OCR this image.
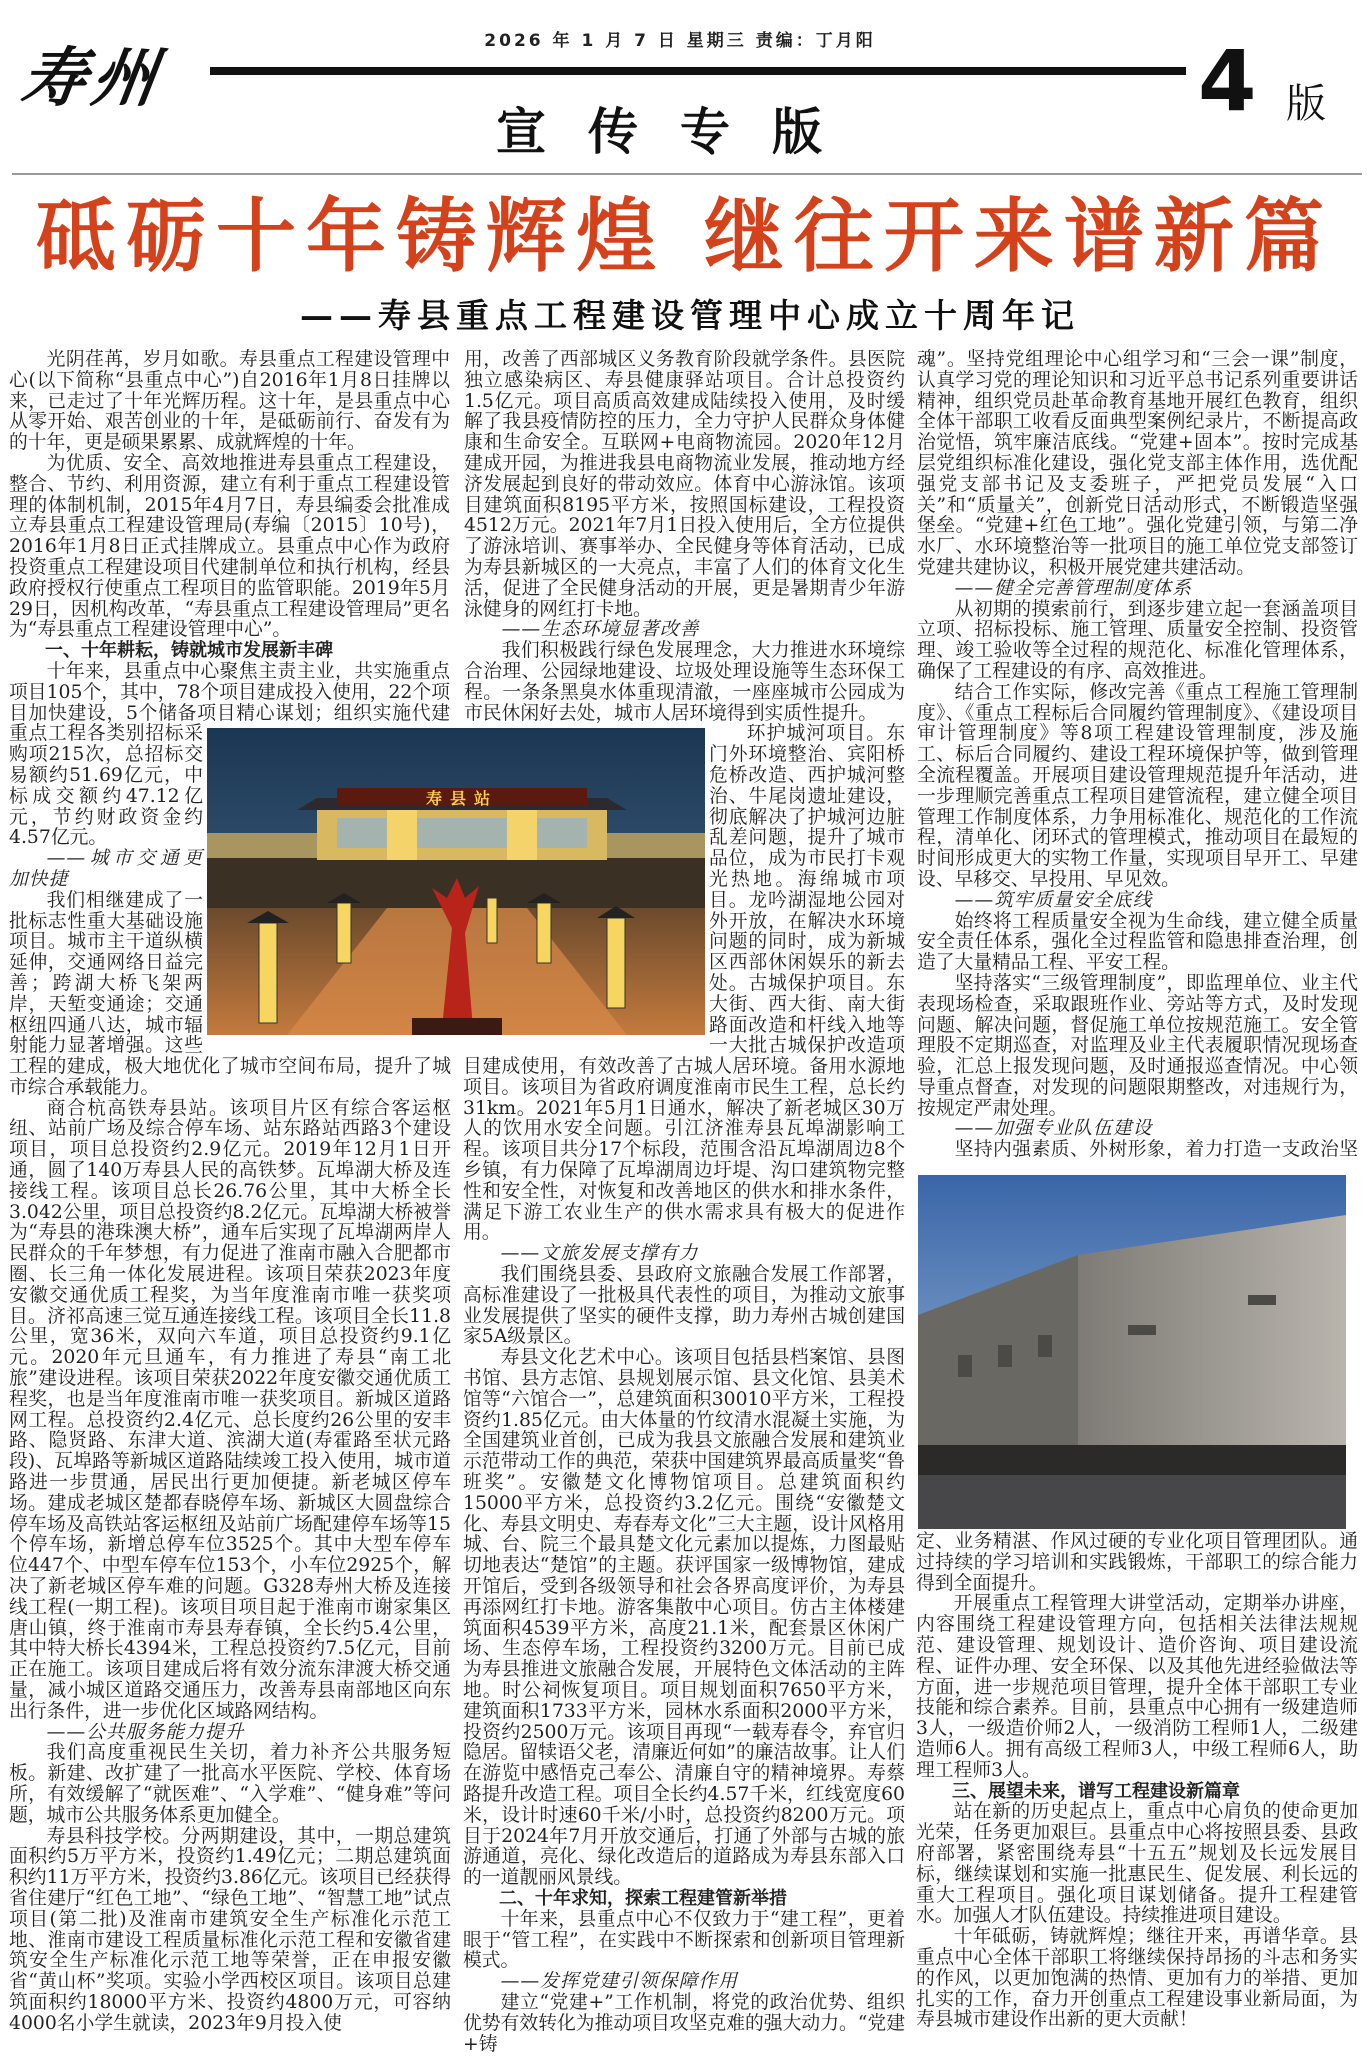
寿州	2026 年 1 月 7 日 星期三 责编：丁月阳
宣传专版
4 版
砥砺十年铸辉煌 继往开来谱新篇
——寿县重点工程建设管理中心成立十周年记

光阴荏苒，岁月如歌。寿县重点工程建设管理中心(以下简称“县重点中心”)自2016年1月8日挂牌以来，已走过了十年光辉历程。这十年，是县重点中心从零开始、艰苦创业的十年，是砥砺前行、奋发有为的十年，更是硕果累累、成就辉煌的十年。

为优质、安全、高效地推进寿县重点工程建设，整合、节约、利用资源，建立有利于重点工程建设管理的体制机制，2015年4月7日，寿县编委会批准成立寿县重点工程建设管理局(寿编〔2015〕10号)，2016年1月8日正式挂牌成立。县重点中心作为政府投资重点工程建设项目代建制单位和执行机构，经县政府授权行使重点工程项目的监管职能。2019年5月29日，因机构改革，“寿县重点工程建设管理局”更名为“寿县重点工程建设管理中心”。

一、十年耕耘，铸就城市发展新丰碑

十年来，县重点中心聚焦主责主业，共实施重点项目105个，其中，78个项目建成投入使用，22个项目加快建设，5个储备项目精心谋划；组织实施代建重点工程各类别招标采购项215次，总招标交易额约51.69亿元，中标成交额约47.12亿元，节约财政资金约4.57亿元。

——城市交通更加快捷

我们相继建成了一批标志性重大基础设施项目。城市主干道纵横延伸，交通网络日益完善；跨湖大桥飞架两岸，天堑变通途；交通枢纽四通八达，城市辐射能力显著增强。这些工程的建成，极大地优化了城市空间布局，提升了城市综合承载能力。

商合杭高铁寿县站。该项目片区有综合客运枢纽、站前广场及综合停车场、站东路站西路3个建设项目，项目总投资约2.9亿元。2019年12月1日开通，圆了140万寿县人民的高铁梦。瓦埠湖大桥及连接线工程。该项目总长26.76公里，其中大桥全长3.042公里，项目总投资约8.2亿元。瓦埠湖大桥被誉为“寿县的港珠澳大桥”，通车后实现了瓦埠湖两岸人民群众的千年梦想，有力促进了淮南市融入合肥都市圈、长三角一体化发展进程。该项目荣获2023年度安徽交通优质工程奖，为当年度淮南市唯一获奖项目。济祁高速三觉互通连接线工程。该项目全长11.8公里，宽36米，双向六车道，项目总投资约9.1亿元。2020年元旦通车，有力推进了寿县“南工北旅”建设进程。该项目荣获2022年度安徽交通优质工程奖，也是当年度淮南市唯一获奖项目。新城区道路网工程。总投资约2.4亿元、总长度约26公里的安丰路、隐贤路、东津大道、滨湖大道(寿霍路至状元路段)、瓦埠路等新城区道路陆续竣工投入使用，城市道路进一步贯通，居民出行更加便捷。新老城区停车场。建成老城区楚都春晓停车场、新城区大圆盘综合停车场及高铁站客运枢纽及站前广场配建停车场等15个停车场，新增总停车位3525个。其中大型车停车位447个、中型车停车位153个，小车位2925个，解决了新老城区停车难的问题。G328寿州大桥及连接线工程(一期工程)。该项目项目起于淮南市谢家集区唐山镇，终于淮南市寿县寿春镇，全长约5.4公里，其中特大桥长4394米，工程总投资约7.5亿元，目前正在施工。该项目建成后将有效分流东津渡大桥交通量，减小城区道路交通压力，改善寿县南部地区向东出行条件，进一步优化区域路网结构。

——公共服务能力提升

我们高度重视民生关切，着力补齐公共服务短板。新建、改扩建了一批高水平医院、学校、体育场所，有效缓解了“就医难”、“入学难”、“健身难”等问题，城市公共服务体系更加健全。

寿县科技学校。分两期建设，其中，一期总建筑面积约5万平方米，投资约1.49亿元；二期总建筑面积约11万平方米，投资约3.86亿元。该项目已经获得省住建厅“红色工地”、“绿色工地”、“智慧工地”试点项目(第二批)及淮南市建筑安全生产标准化示范工地、淮南市建设工程质量标准化示范工程和安徽省建筑安全生产标准化示范工地等荣誉，正在申报安徽省“黄山杯”奖项。实验小学西校区项目。该项目总建筑面积约18000平方米、投资约4800万元，可容纳4000名小学生就读，2023年9月投入使

用，改善了西部城区义务教育阶段就学条件。县医院独立感染病区、寿县健康驿站项目。合计总投资约1.5亿元。项目高质高效建成陆续投入使用，及时缓解了我县疫情防控的压力，全力守护人民群众身体健康和生命安全。互联网+电商物流园。2020年12月建成开园，为推进我县电商物流业发展，推动地方经济发展起到良好的带动效应。体育中心游泳馆。该项目建筑面积8195平方米，按照国标建设，工程投资4512万元。2021年7月1日投入使用后，全方位提供了游泳培训、赛事举办、全民健身等体育活动，已成为寿县新城区的一大亮点，丰富了人们的体育文化生活，促进了全民健身活动的开展，更是暑期青少年游泳健身的网红打卡地。

——生态环境显著改善

我们积极践行绿色发展理念，大力推进水环境综合治理、公园绿地建设、垃圾处理设施等生态环保工程。一条条黑臭水体重现清澈，一座座城市公园成为市民休闲好去处，城市人居环境得到实质性提升。

环护城河项目。东门外环境整治、宾阳桥危桥改造、西护城河整治、牛尾岗遗址建设，彻底解决了护城河边脏乱差问题，提升了城市品位，成为市民打卡观光热地。海绵城市项目。龙吟湖湿地公园对外开放，在解决水环境问题的同时，成为新城区西部休闲娱乐的新去处。古城保护项目。东大街、西大街、南大街路面改造和杆线入地等一大批古城保护改造项目建成使用，有效改善了古城人居环境。备用水源地项目。该项目为省政府调度淮南市民生工程，总长约31km。2021年5月1日通水，解决了新老城区30万人的饮用水安全问题。引江济淮寿县瓦埠湖影响工程。该项目共分17个标段，范围含沿瓦埠湖周边8个乡镇，有力保障了瓦埠湖周边圩堤、沟口建筑物完整性和安全性，对恢复和改善地区的供水和排水条件，满足下游工农业生产的供水需求具有极大的促进作用。

——文旅发展支撑有力

我们围绕县委、县政府文旅融合发展工作部署，高标准建设了一批极具代表性的项目，为推动文旅事业发展提供了坚实的硬件支撑，助力寿州古城创建国家5A级景区。

寿县文化艺术中心。该项目包括县档案馆、县图书馆、县方志馆、县规划展示馆、县文化馆、县美术馆等“六馆合一”，总建筑面积30010平方米，工程投资约1.85亿元。由大体量的竹纹清水混凝土实施，为全国建筑业首创，已成为我县文旅融合发展和建筑业示范带动工作的典范，荣获中国建筑界最高质量奖“鲁班奖”。安徽楚文化博物馆项目。总建筑面积约15000平方米，总投资约3.2亿元。围绕“安徽楚文化、寿县文明史、寿春寿文化”三大主题，设计风格用城、台、院三个最具楚文化元素加以提炼，力图最贴切地表达“楚馆”的主题。获评国家一级博物馆，建成开馆后，受到各级领导和社会各界高度评价，为寿县再添网红打卡地。游客集散中心项目。仿古主体楼建筑面积4539平方米，高度21.1米，配套景区休闲广场、生态停车场，工程投资约3200万元。目前已成为寿县推进文旅融合发展，开展特色文体活动的主阵地。时公祠恢复项目。项目规划面积7650平方米，建筑面积1733平方米，园林水系面积2000平方米，投资约2500万元。该项目再现“一载寿春令，弃官归隐居。留犊语父老，清廉近何如”的廉洁故事。让人们在游览中感悟克己奉公、清廉自守的精神境界。寿蔡路提升改造工程。项目全长约4.57千米，红线宽度60米，设计时速60千米/小时，总投资约8200万元。项目于2024年7月开放交通后，打通了外部与古城的旅游通道，亮化、绿化改造后的道路成为寿县东部入口的一道靓丽风景线。

二、十年求知，探索工程建管新举措

十年来，县重点中心不仅致力于“建工程”，更着眼于“管工程”，在实践中不断探索和创新项目管理新模式。

——发挥党建引领保障作用

建立“党建+”工作机制，将党的政治优势、组织优势有效转化为推动项目攻坚克难的强大动力。“党建+铸

魂”。坚持党组理论中心组学习和“三会一课”制度，认真学习党的理论知识和习近平总书记系列重要讲话精神，组织党员赴革命教育基地开展红色教育，组织全体干部职工收看反面典型案例纪录片，不断提高政治觉悟，筑牢廉洁底线。“党建+固本”。按时完成基层党组织标准化建设，强化党支部主体作用，选优配强党支部书记及支委班子，严把党员发展“入口关”和“质量关”，创新党日活动形式，不断锻造坚强堡垒。“党建+红色工地”。强化党建引领，与第二净水厂、水环境整治等一批项目的施工单位党支部签订党建共建协议，积极开展党建共建活动。

——健全完善管理制度体系

从初期的摸索前行，到逐步建立起一套涵盖项目立项、招标投标、施工管理、质量安全控制、投资管理、竣工验收等全过程的规范化、标准化管理体系，确保了工程建设的有序、高效推进。

结合工作实际，修改完善《重点工程施工管理制度》、《重点工程标后合同履约管理制度》、《建设项目审计管理制度》等8项工程建设管理制度，涉及施工、标后合同履约、建设工程环境保护等，做到管理全流程覆盖。开展项目建设管理规范提升年活动，进一步理顺完善重点工程项目建管流程，建立健全项目管理工作制度体系，力争用标准化、规范化的工作流程，清单化、闭环式的管理模式，推动项目在最短的时间形成更大的实物工作量，实现项目早开工、早建设、早移交、早投用、早见效。

——筑牢质量安全底线

始终将工程质量安全视为生命线，建立健全质量安全责任体系，强化全过程监管和隐患排查治理，创造了大量精品工程、平安工程。

坚持落实“三级管理制度”，即监理单位、业主代表现场检查，采取跟班作业、旁站等方式，及时发现问题、解决问题，督促施工单位按规范施工。安全管理股不定期巡查，对监理及业主代表履职情况现场查验，汇总上报发现问题，及时通报巡查情况。中心领导重点督查，对发现的问题限期整改，对违规行为，按规定严肃处理。

——加强专业队伍建设

坚持内强素质、外树形象，着力打造一支政治坚定、业务精湛、作风过硬的专业化项目管理团队。通过持续的学习培训和实践锻炼，干部职工的综合能力得到全面提升。

开展重点工程管理大讲堂活动，定期举办讲座，内容围绕工程建设管理方向，包括相关法律法规规范、建设管理、规划设计、造价咨询、项目建设流程、证件办理、安全环保、以及其他先进经验做法等方面，进一步规范项目管理，提升全体干部职工专业技能和综合素养。目前，县重点中心拥有一级建造师3人，一级造价师2人，一级消防工程师1人，二级建造师6人。拥有高级工程师3人，中级工程师6人，助理工程师3人。

三、展望未来，谱写工程建设新篇章

站在新的历史起点上，重点中心肩负的使命更加光荣，任务更加艰巨。县重点中心将按照县委、县政府部署，紧密围绕寿县“十五五”规划及长远发展目标，继续谋划和实施一批惠民生、促发展、利长远的重大工程项目。强化项目谋划储备。提升工程建管水。加强人才队伍建设。持续推进项目建设。

十年砥砺，铸就辉煌；继往开来，再谱华章。县重点中心全体干部职工将继续保持昂扬的斗志和务实的作风，以更加饱满的热情、更加有力的举措、更加扎实的工作，奋力开创重点工程建设事业新局面，为寿县城市建设作出新的更大贡献！

寿县站
